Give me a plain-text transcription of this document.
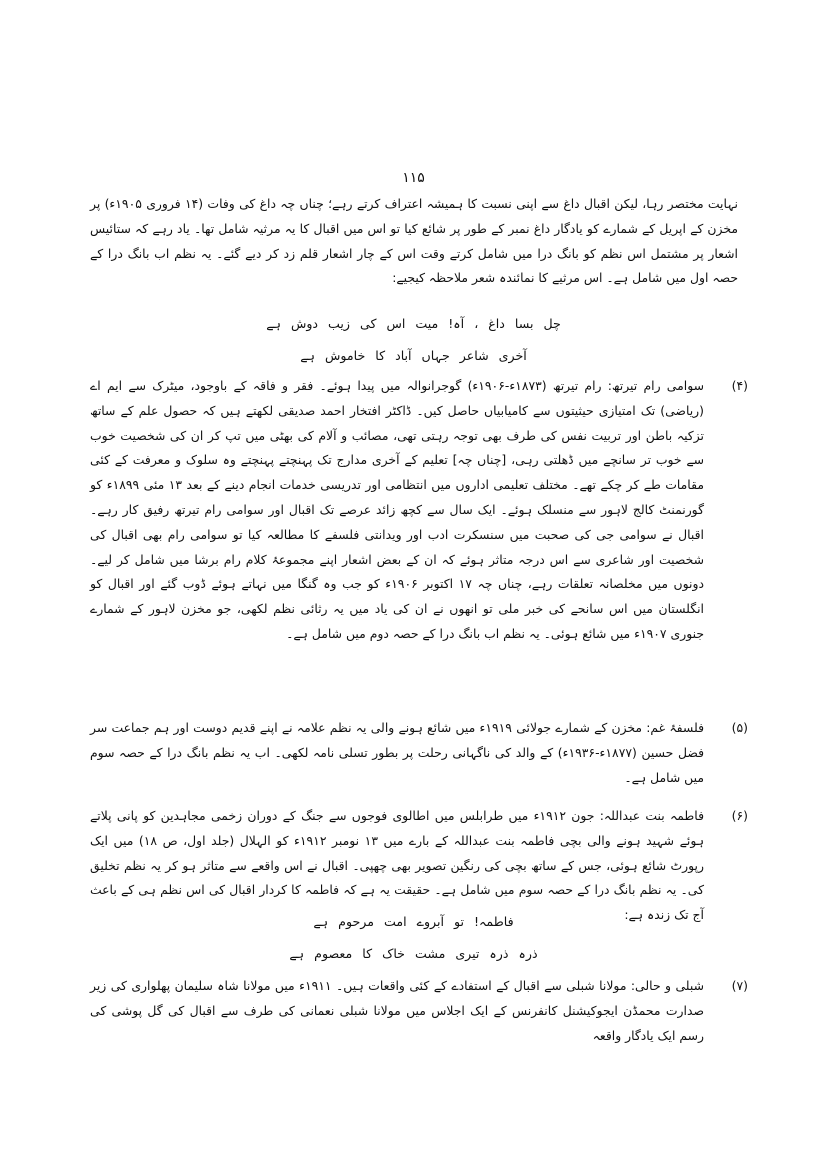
۱۱۵

نہایت مختصر رہا، لیکن اقبال داغ سے اپنی نسبت کا ہمیشہ اعتراف کرتے رہے؛ چناں چہ داغ کی وفات (۱۴ فروری ۱۹۰۵ء) پر مخزن کے اپریل کے شمارے کو یادگار داغ نمبر کے طور پر شائع کیا تو اس میں اقبال کا یہ مرثیہ شامل تھا۔ یاد رہے کہ ستائیس اشعار پر مشتمل اس نظم کو بانگ درا میں شامل کرتے وقت اس کے چار اشعار قلم زد کر دیے گئے۔ یہ نظم اب بانگ درا کے حصہ اول میں شامل ہے۔ اس مرثیے کا نمائندہ شعر ملاحظہ کیجیے:

چل بسا داغ ، آہ! میت اس کی زیب دوش ہے
آخری شاعر جہاں آباد کا خاموش ہے
(۴)
سوامی رام تیرتھ: رام تیرتھ (۱۸۷۳ء-۱۹۰۶ء) گوجرانوالہ میں پیدا ہوئے۔ فقر و فاقہ کے باوجود، میٹرک سے ایم اے (ریاضی) تک امتیازی حیثیتوں سے کامیابیاں حاصل کیں۔ ڈاکٹر افتخار احمد صدیقی لکھتے ہیں کہ حصول علم کے ساتھ تزکیہ باطن اور تربیت نفس کی طرف بھی توجہ رہتی تھی، مصائب و آلام کی بھٹی میں تپ کر ان کی شخصیت خوب سے خوب تر سانچے میں ڈھلتی رہی، [چناں چہ] تعلیم کے آخری مدارج تک پہنچتے پہنچتے وہ سلوک و معرفت کے کئی مقامات طے کر چکے تھے۔ مختلف تعلیمی اداروں میں انتظامی اور تدریسی خدمات انجام دینے کے بعد ۱۳ مئی ۱۸۹۹ء کو گورنمنٹ کالج لاہور سے منسلک ہوئے۔ ایک سال سے کچھ زائد عرصے تک اقبال اور سوامی رام تیرتھ رفیق کار رہے۔ اقبال نے سوامی جی کی صحبت میں سنسکرت ادب اور ویدانتی فلسفے کا مطالعہ کیا تو سوامی رام بھی اقبال کی شخصیت اور شاعری سے اس درجہ متاثر ہوئے کہ ان کے بعض اشعار اپنے مجموعۂ کلام رام برشا میں شامل کر لیے۔ دونوں میں مخلصانہ تعلقات رہے، چناں چہ ۱۷ اکتوبر ۱۹۰۶ء کو جب وہ گنگا میں نہاتے ہوئے ڈوب گئے اور اقبال کو انگلستان میں اس سانحے کی خبر ملی تو انھوں نے ان کی یاد میں یہ رثائی نظم لکھی، جو مخزن لاہور کے شمارے جنوری ۱۹۰۷ء میں شائع ہوئی۔ یہ نظم اب بانگ درا کے حصہ دوم میں شامل ہے۔
(۵)
فلسفۂ غم: مخزن کے شمارے جولائی ۱۹۱۹ء میں شائع ہونے والی یہ نظم علامہ نے اپنے قدیم دوست اور ہم جماعت سر فضل حسین (۱۸۷۷ء-۱۹۳۶ء) کے والد کی ناگہانی رحلت پر بطور تسلی نامہ لکھی۔ اب یہ نظم بانگ درا کے حصہ سوم میں شامل ہے۔
(۶)
فاطمہ بنت عبداللہ: جون ۱۹۱۲ء میں طرابلس میں اطالوی فوجوں سے جنگ کے دوران زخمی مجاہدین کو پانی پلاتے ہوئے شہید ہونے والی بچی فاطمہ بنت عبداللہ کے بارے میں ۱۳ نومبر ۱۹۱۲ء کو الہلال (جلد اول، ص ۱۸) میں ایک رپورٹ شائع ہوئی، جس کے ساتھ بچی کی رنگین تصویر بھی چھپی۔ اقبال نے اس واقعے سے متاثر ہو کر یہ نظم تخلیق کی۔ یہ نظم بانگ درا کے حصہ سوم میں شامل ہے۔ حقیقت یہ ہے کہ فاطمہ کا کردار اقبال کی اس نظم ہی کے باعث آج تک زندہ ہے:
فاطمہ! تو آبروے امت مرحوم ہے
ذرہ ذرہ تیری مشت خاک کا معصوم ہے
(۷)
شبلی و حالی: مولانا شبلی سے اقبال کے استفادے کے کئی واقعات ہیں۔ ۱۹۱۱ء میں مولانا شاہ سلیمان پھلواری کی زیر صدارت محمڈن ایجوکیشنل کانفرنس کے ایک اجلاس میں مولانا شبلی نعمانی کی طرف سے اقبال کی گل پوشی کی رسم ایک یادگار واقعہ
